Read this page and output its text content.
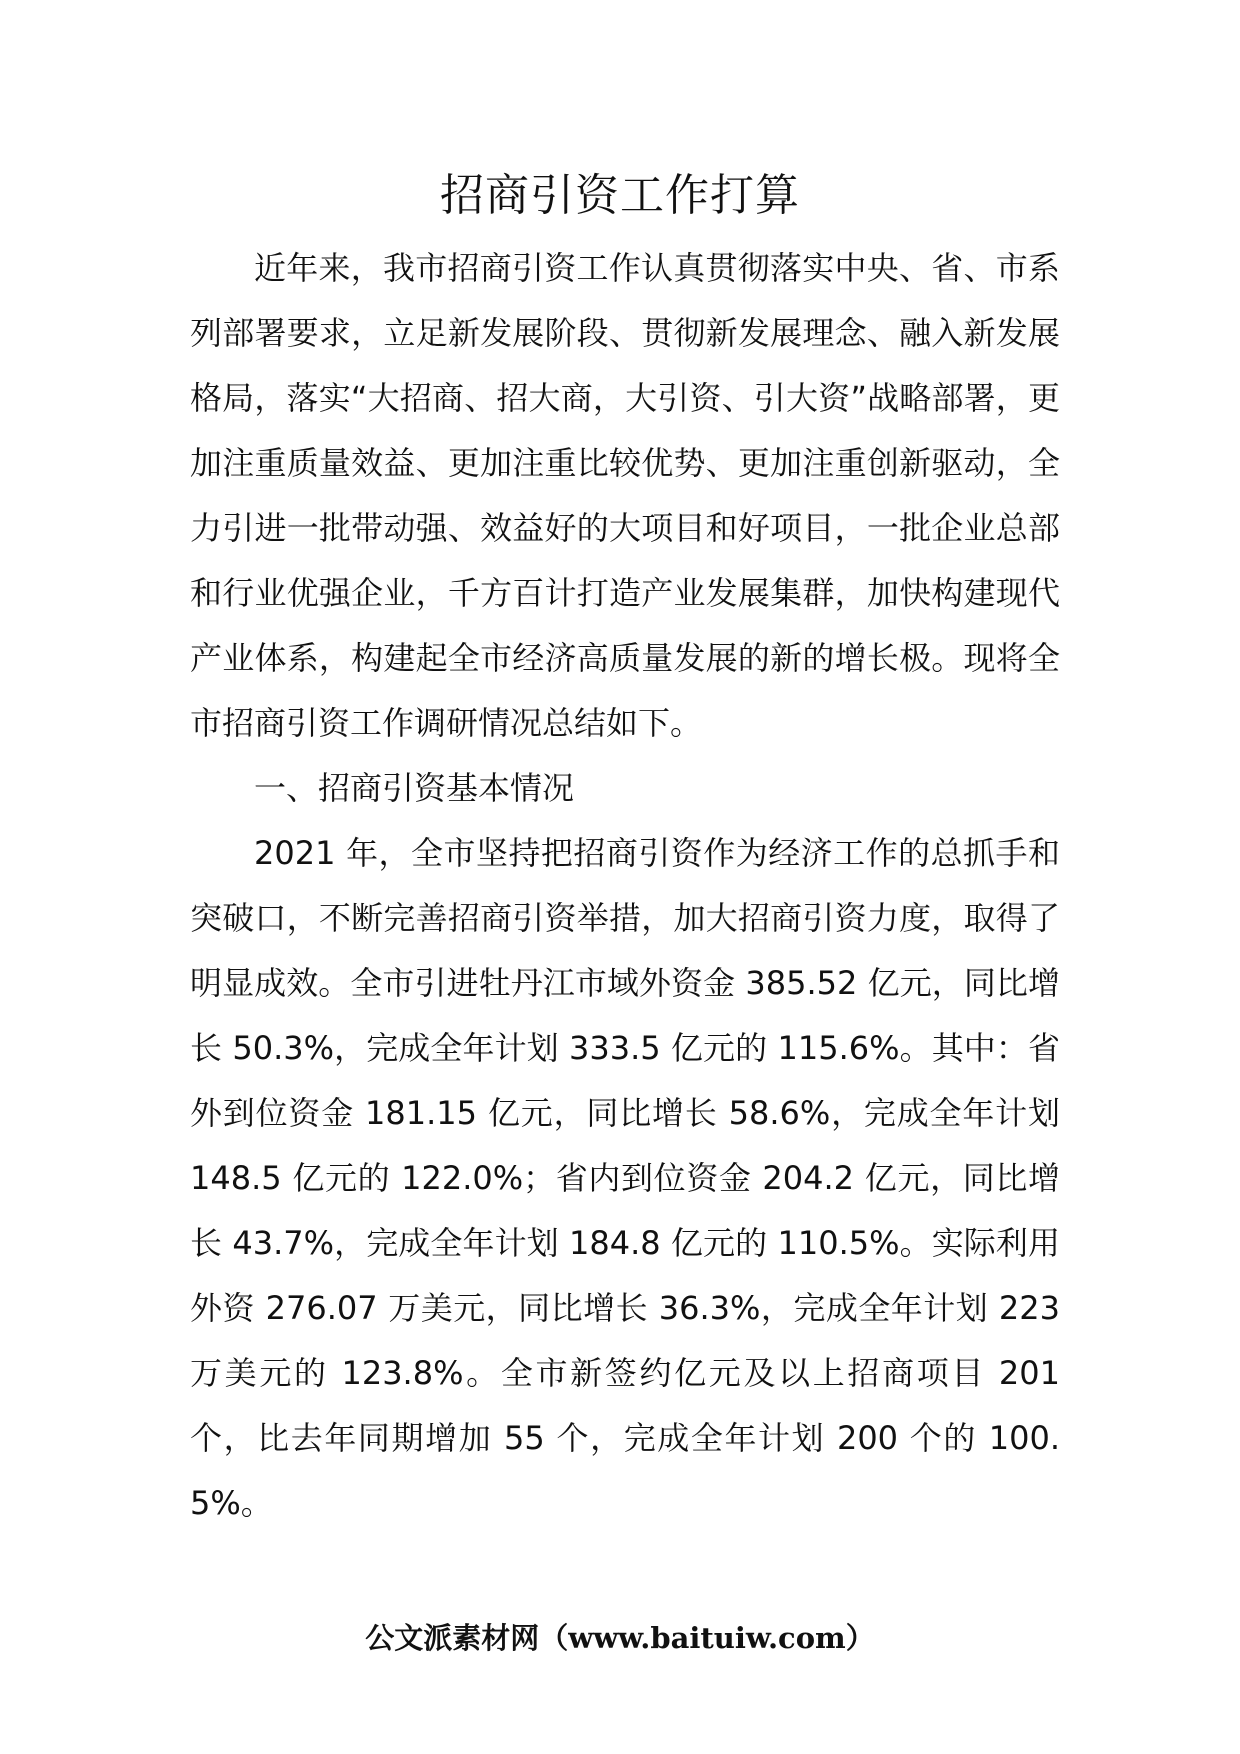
招商引资工作打算

近年来，我市招商引资工作认真贯彻落实中央、省、市系列部署要求，立足新发展阶段、贯彻新发展理念、融入新发展格局，落实“大招商、招大商，大引资、引大资”战略部署，更加注重质量效益、更加注重比较优势、更加注重创新驱动，全力引进一批带动强、效益好的大项目和好项目，一批企业总部和行业优强企业，千方百计打造产业发展集群，加快构建现代产业体系，构建起全市经济高质量发展的新的增长极。现将全市招商引资工作调研情况总结如下。

一、招商引资基本情况

2021 年，全市坚持把招商引资作为经济工作的总抓手和突破口，不断完善招商引资举措，加大招商引资力度，取得了明显成效。全市引进牡丹江市域外资金 385.52 亿元，同比增长 50.3%，完成全年计划 333.5 亿元的 115.6%。其中：省外到位资金 181.15 亿元，同比增长 58.6%，完成全年计划 148.5 亿元的 122.0%；省内到位资金 204.2 亿元，同比增长 43.7%，完成全年计划 184.8 亿元的 110.5%。实际利用外资 276.07 万美元，同比增长 36.3%，完成全年计划 223 万美元的 123.8%。全市新签约亿元及以上招商项目 201 个，比去年同期增加 55 个，完成全年计划 200 个的 100.5%。

公文派素材网（www.baituiw.com）
